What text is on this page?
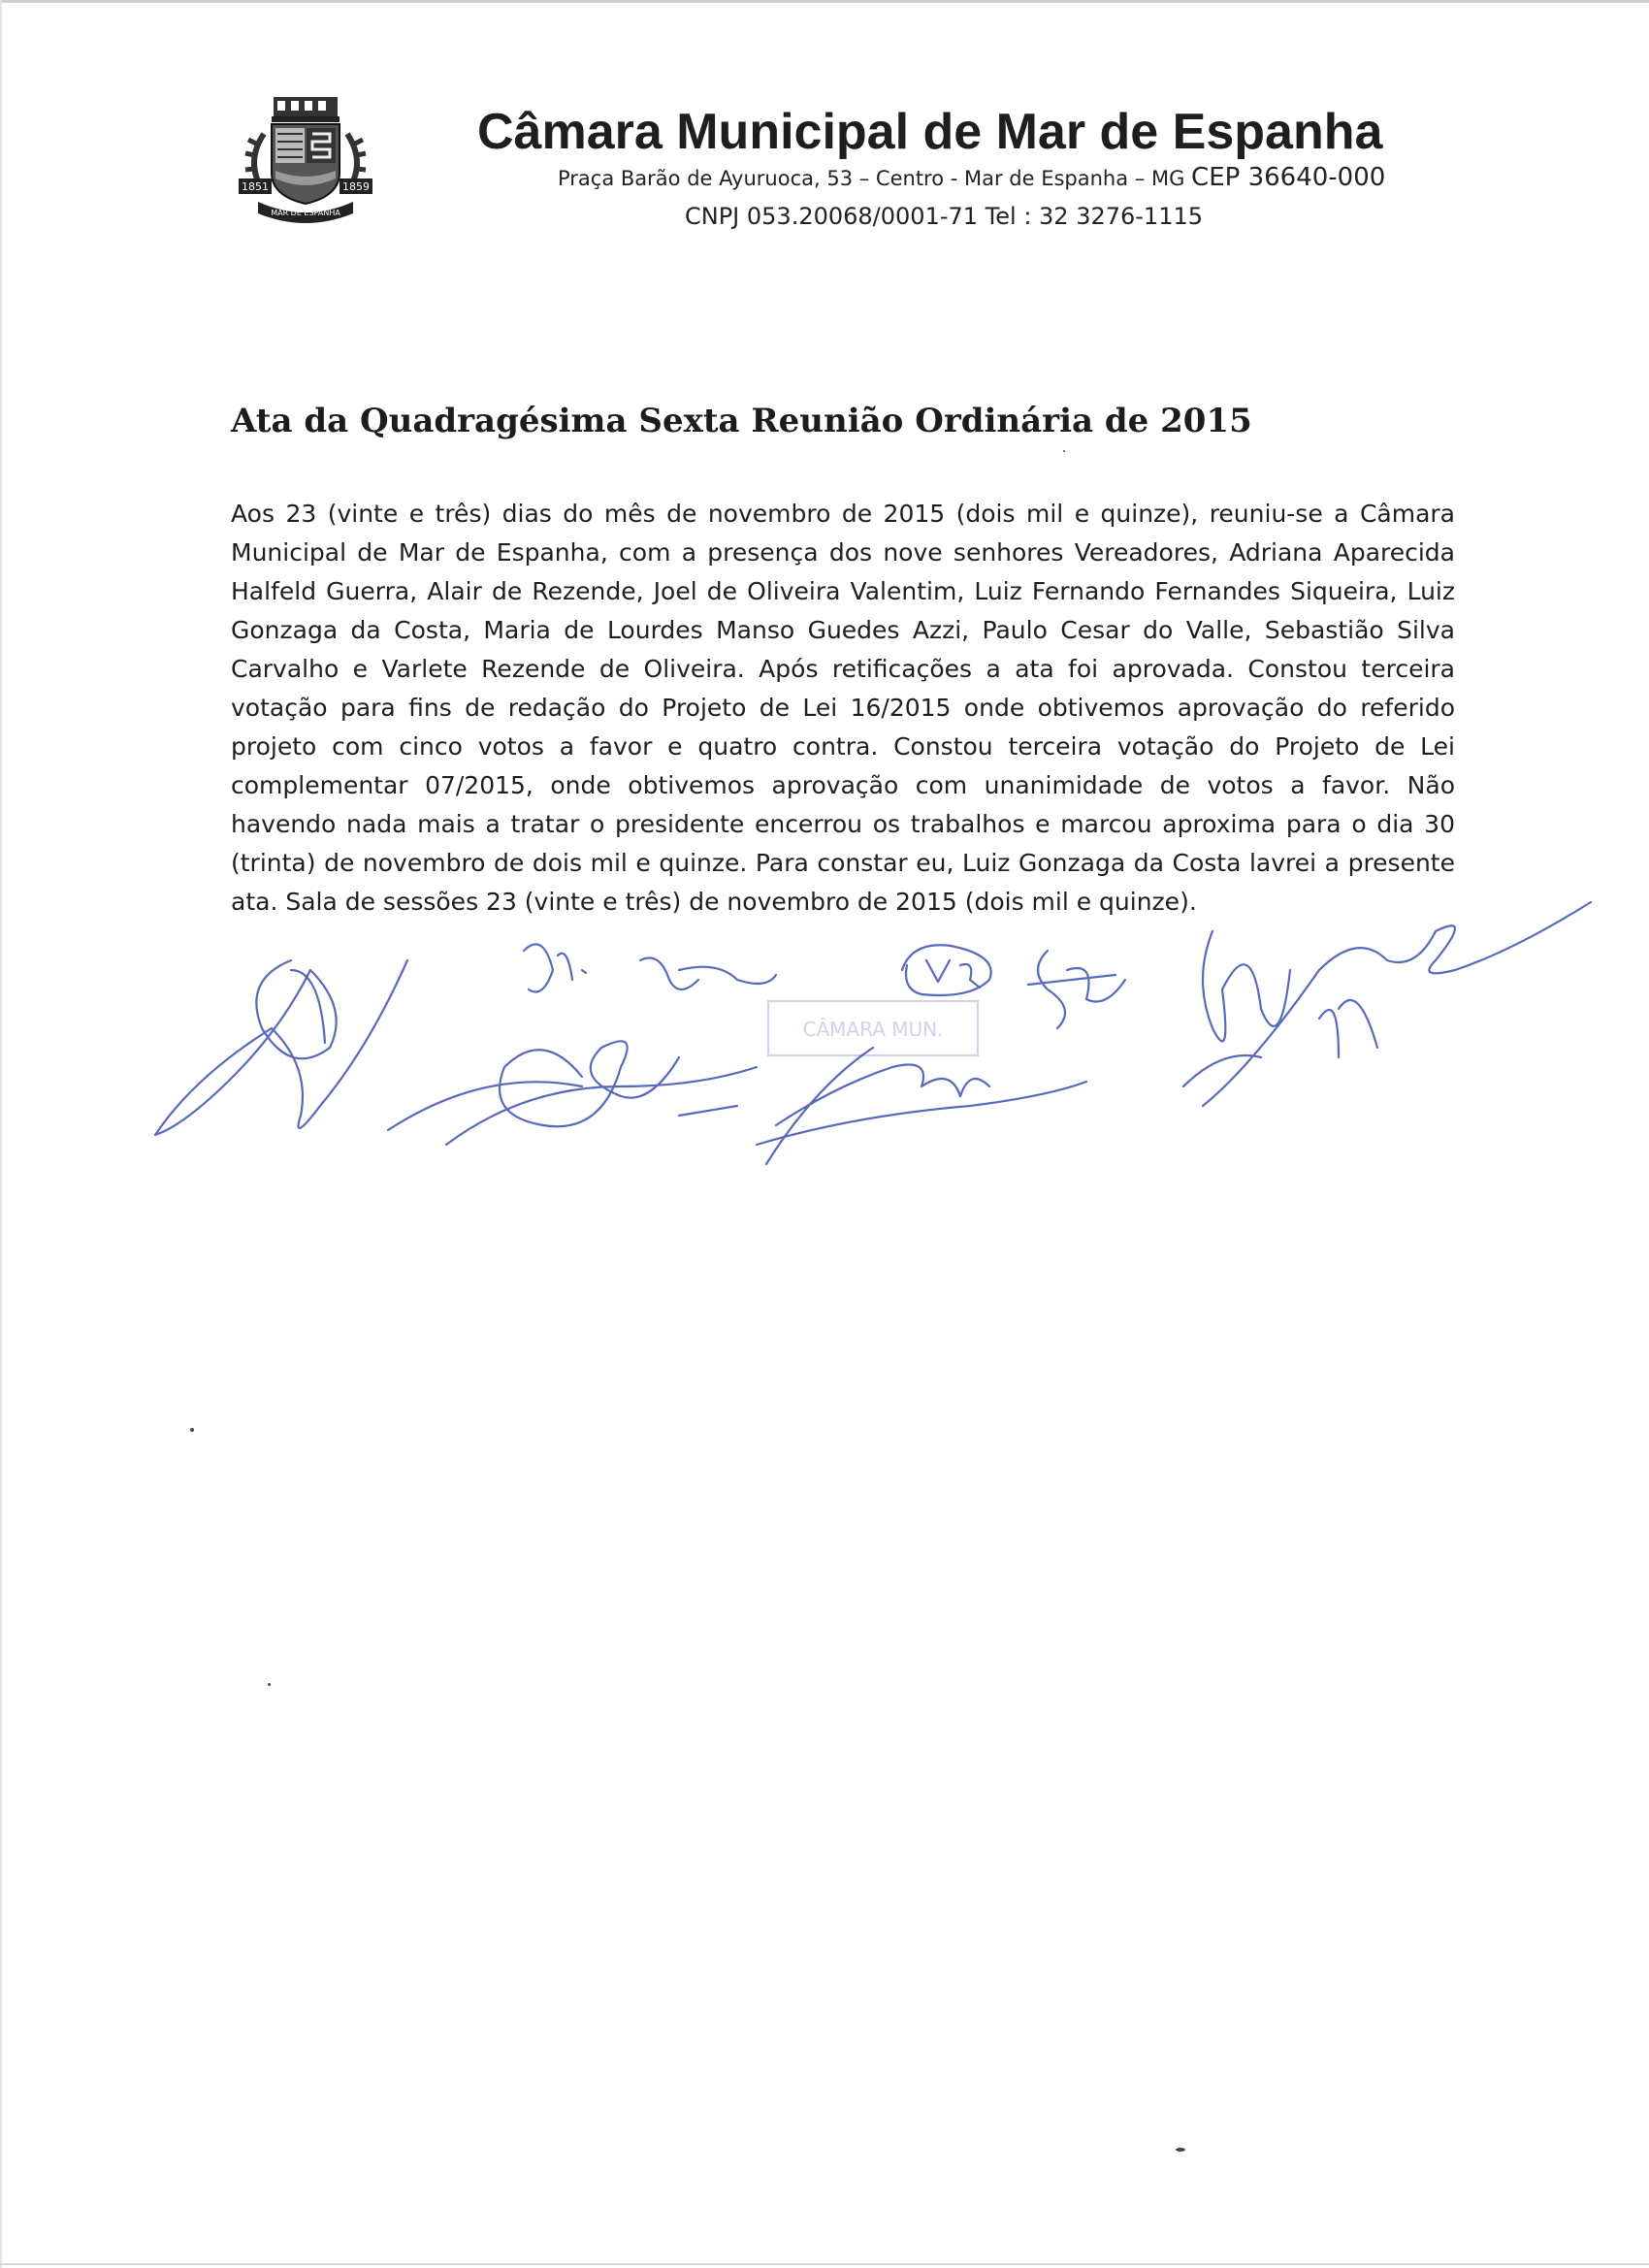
1851	1859
MAR DE ESPANHA
Câmara Municipal de Mar de Espanha
Praça Barão de Ayuruoca, 53 – Centro - Mar de Espanha – MG CEP 36640-000
CNPJ 053.20068/0001-71 Tel : 32 3276-1115
Ata da Quadragésima Sexta Reunião Ordinária de 2015

Aos 23 (vinte e três) dias do mês de novembro de 2015 (dois mil e quinze), reuniu-se a Câmara Municipal de Mar de Espanha, com a presença dos nove senhores Vereadores, Adriana Aparecida Halfeld Guerra, Alair de Rezende, Joel de Oliveira Valentim, Luiz Fernando Fernandes Siqueira, Luiz Gonzaga da Costa, Maria de Lourdes Manso Guedes Azzi, Paulo Cesar do Valle, Sebastião Silva Carvalho e Varlete Rezende de Oliveira. Após retificações a ata foi aprovada. Constou terceira votação para fins de redação do Projeto de Lei 16/2015 onde obtivemos aprovação do referido projeto com cinco votos a favor e quatro contra. Constou terceira votação do Projeto de Lei complementar 07/2015, onde obtivemos aprovação com unanimidade de votos a favor. Não havendo nada mais a tratar o presidente encerrou os trabalhos e marcou aproxima para o dia 30 (trinta) de novembro de dois mil e quinze. Para constar eu, Luiz Gonzaga da Costa lavrei a presente ata. Sala de sessões 23 (vinte e três) de novembro de 2015 (dois mil e quinze).

CÂMARA MUN.
